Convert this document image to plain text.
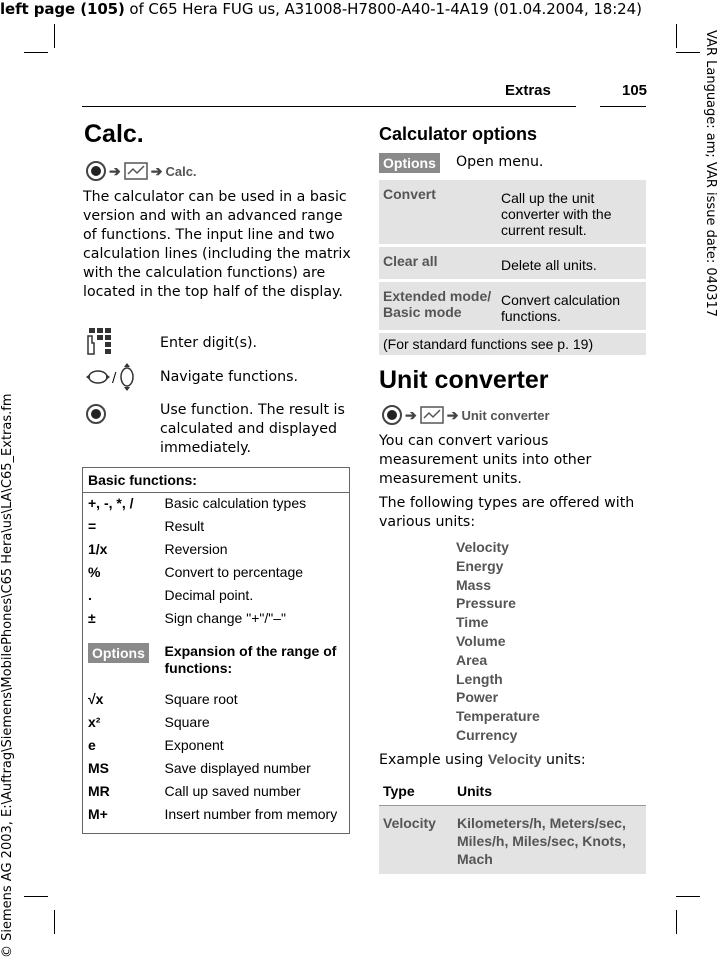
left page (105) of C65 Hera FUG us, A31008-H7800-A40-1-4A19 (01.04.2004, 18:24)
VAR Language: am; VAR issue date: 040317
© Siemens AG 2003, E:\Auftrag\Siemens\MobilePhones\C65 Hera\us\LA\C65_Extras.fm
Extras	105
Calc.
➔ ➔ Calc.
The calculator can be used in a basic version and with an advanced range of functions. The input line and two calculation lines (including the matrix with the calculation functions) are located in the top half of the display.
Enter digit(s).
/	Navigate functions.
Use function. The result is calculated and displayed immediately.
Basic functions:	
+, -, *, /	Basic calculation types
=	Result
1/x	Reversion
%	Convert to percentage
.	Decimal point.
±	Sign change "+"/"–"
Options	Expansion of the range of functions:
√x	Square root
x²	Square
e	Exponent
MS	Save displayed number
MR	Call up saved number
M+	Insert number from memory
Calculator options
Options Open menu.
Convert	Call up the unit converter with the current result.
Clear all	Delete all units.
Extended mode/ Basic mode	Convert calculation functions.
(For standard functions see p. 19)	
Unit converter
➔ ➔ Unit converter
You can convert various measurement units into other measurement units.
The following types are offered with various units:
Velocity
Energy
Mass
Pressure
Time
Volume
Area
Length
Power
Temperature
Currency
Example using Velocity units:
Type	Units
Velocity	Kilometers/h, Meters/sec, Miles/h, Miles/sec, Knots, Mach
